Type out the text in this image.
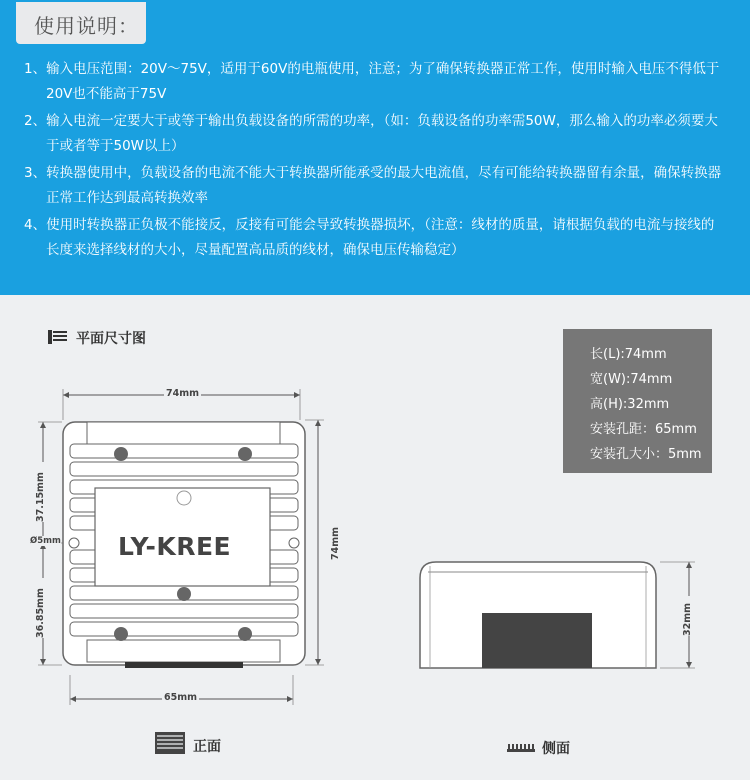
使用说明：
1、输入电压范围：20V～75V，适用于60V的电瓶使用，注意；为了确保转换器正常工作，使用时输入电压不得低于20V也不能高于75V
2、输入电流一定要大于或等于输出负载设备的所需的功率，（如：负载设备的功率需50W，那么输入的功率必须要大于或者等于50W以上）
3、转换器使用中，负载设备的电流不能大于转换器所能承受的最大电流值，尽有可能给转换器留有余量，确保转换器正常工作达到最高转换效率
4、使用时转换器正负极不能接反，反接有可能会导致转换器损坏，（注意：线材的质量，请根据负载的电流与接线的长度来选择线材的大小，尽量配置高品质的线材，确保电压传输稳定）
平面尺寸图
LY-KREE
74mm
65mm
37.15mm
Ø5mm
36.85mm
74mm
正面
长(L):74mm
宽(W):74mm
高(H):32mm
安装孔距：65mm
安装孔大小：5mm
32mm
侧面
